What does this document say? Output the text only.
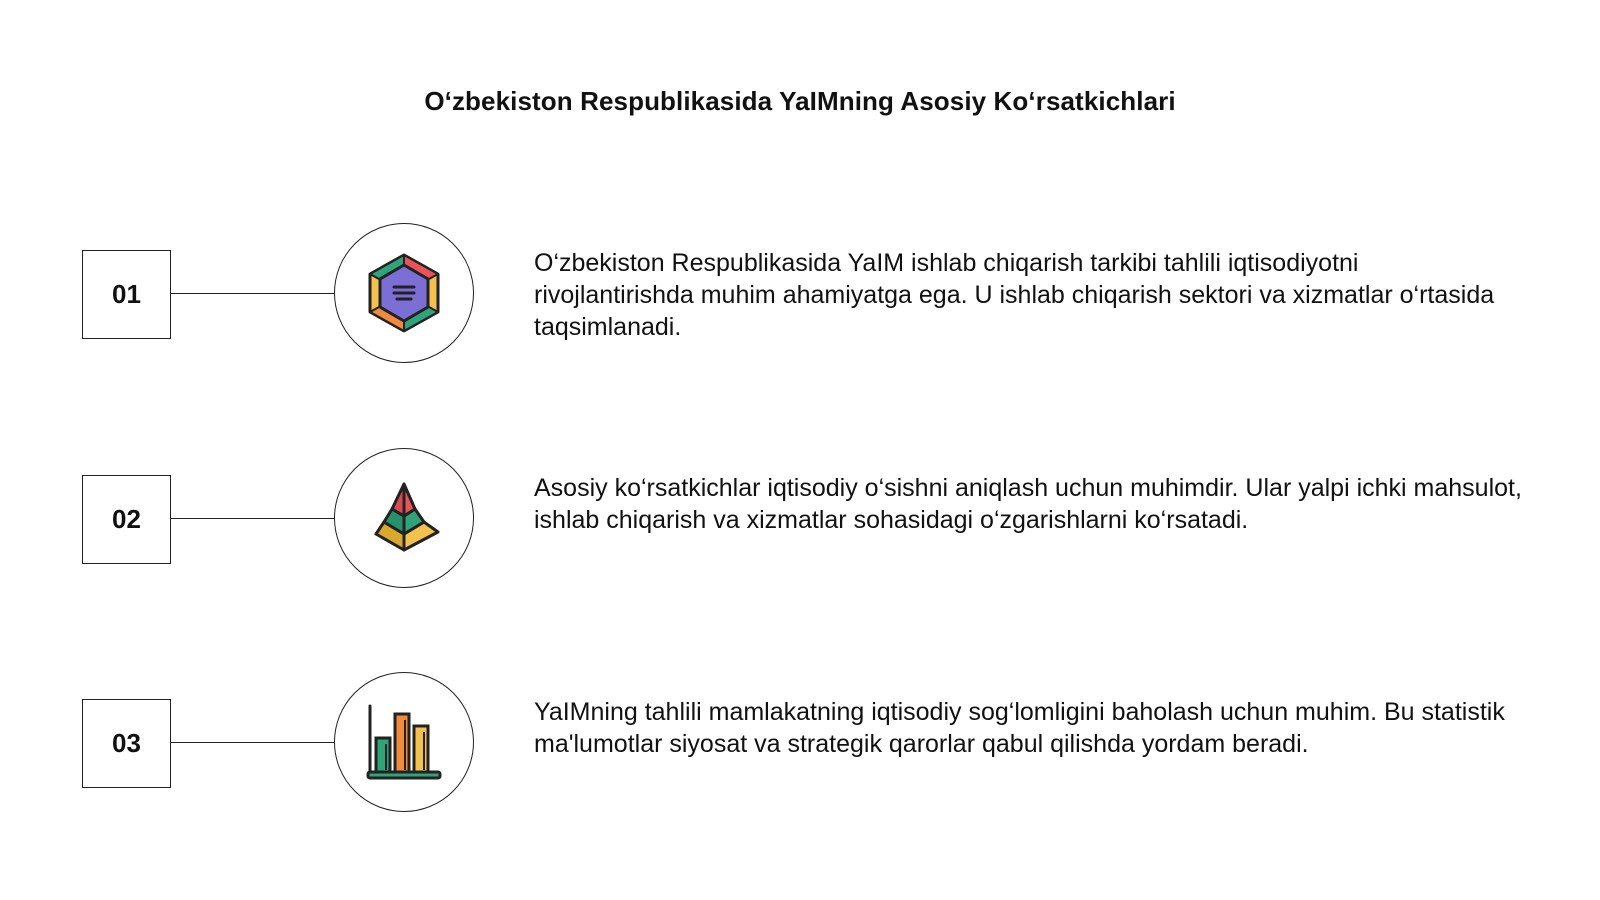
O‘zbekiston Respublikasida YaIMning Asosiy Ko‘rsatkichlari
01
O‘zbekiston Respublikasida YaIM ishlab chiqarish tarkibi tahlili iqtisodiyotni rivojlantirishda muhim ahamiyatga ega. U ishlab chiqarish sektori va xizmatlar o‘rtasida taqsimlanadi.
02
Asosiy ko‘rsatkichlar iqtisodiy o‘sishni aniqlash uchun muhimdir. Ular yalpi ichki mahsulot, ishlab chiqarish va xizmatlar sohasidagi o‘zgarishlarni ko‘rsatadi.
03
YaIMning tahlili mamlakatning iqtisodiy sog‘lomligini baholash uchun muhim. Bu statistik ma'lumotlar siyosat va strategik qarorlar qabul qilishda yordam beradi.
